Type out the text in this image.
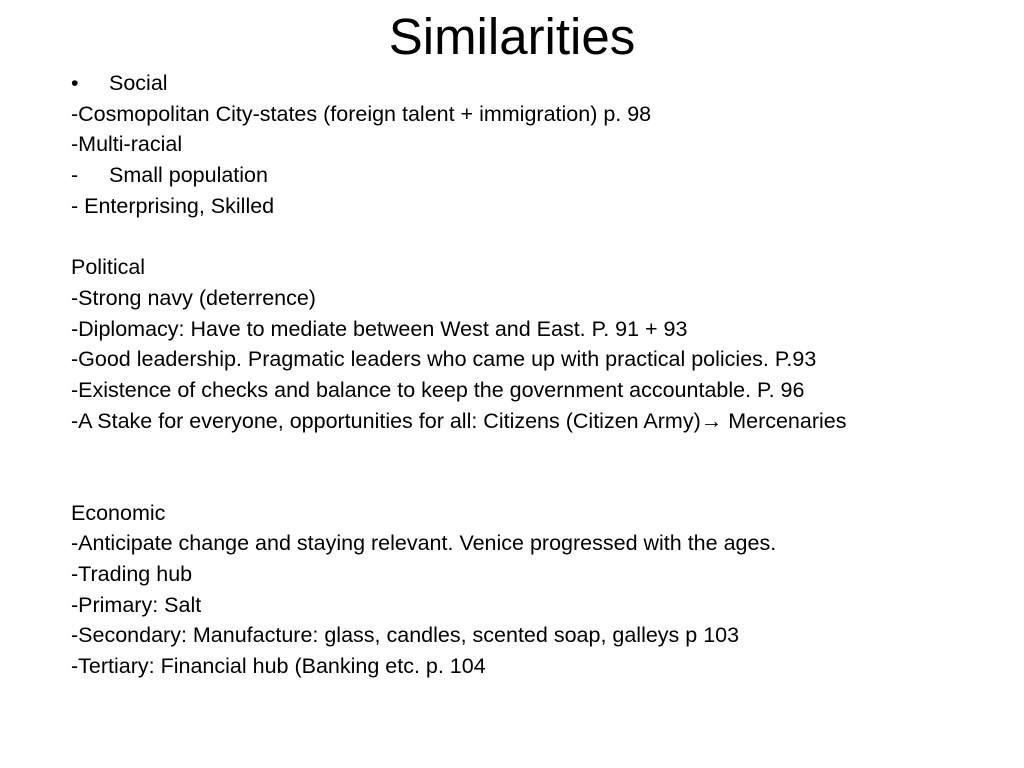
Similarities
• Social
-Cosmopolitan City-states (foreign talent + immigration) p. 98
-Multi-racial
- Small population
- Enterprising, Skilled
Political
-Strong navy (deterrence)
-Diplomacy: Have to mediate between West and East. P. 91 + 93
-Good leadership. Pragmatic leaders who came up with practical policies. P.93
-Existence of checks and balance to keep the government accountable. P. 96
-A Stake for everyone, opportunities for all: Citizens (Citizen Army)→ Mercenaries
Economic
-Anticipate change and staying relevant. Venice progressed with the ages.
-Trading hub
-Primary: Salt
-Secondary: Manufacture: glass, candles, scented soap, galleys p 103
-Tertiary: Financial hub (Banking etc. p. 104
